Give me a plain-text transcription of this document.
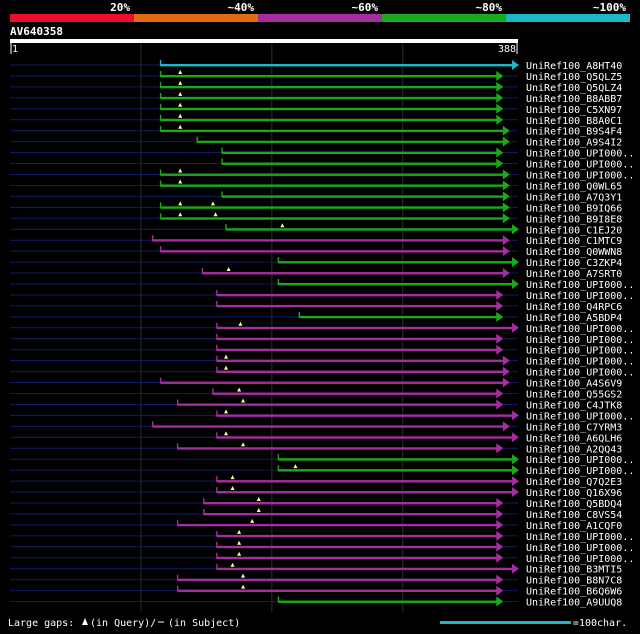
20%	~40%	~60%	~80%	~100%
AV640358
1	388
UniRef100_A8HT40
UniRef100_Q5QLZ5
UniRef100_Q5QLZ4
UniRef100_B8ABB7
UniRef100_C5XN97
UniRef100_B8A0C1
UniRef100_B9S4F4
UniRef100_A9S4I2
UniRef100_UPI000..
UniRef100_UPI000..
UniRef100_UPI000..
UniRef100_Q0WL65
UniRef100_A7Q3Y1
UniRef100_B9IQ66
UniRef100_B9I8E8
UniRef100_C1EJ20
UniRef100_C1MTC9
UniRef100_Q0WWN8
UniRef100_C3ZKP4
UniRef100_A7SRT0
UniRef100_UPI000..
UniRef100_UPI000..
UniRef100_Q4RPC6
UniRef100_A5BDP4
UniRef100_UPI000..
UniRef100_UPI000..
UniRef100_UPI000..
UniRef100_UPI000..
UniRef100_UPI000..
UniRef100_A4S6V9
UniRef100_Q55GS2
UniRef100_C4JTK8
UniRef100_UPI000..
UniRef100_C7YRM3
UniRef100_A6QLH6
UniRef100_A2QQ43
UniRef100_UPI000..
UniRef100_UPI000..
UniRef100_Q7Q2E3
UniRef100_Q16X96
UniRef100_Q5BDQ4
UniRef100_C8VS54
UniRef100_A1CQF0
UniRef100_UPI000..
UniRef100_UPI000..
UniRef100_UPI000..
UniRef100_B3MTI5
UniRef100_B8N7C8
UniRef100_B6Q6W6
UniRef100_A9UUQ8
Large gaps: (in Query)/ (in Subject)	=100char.
